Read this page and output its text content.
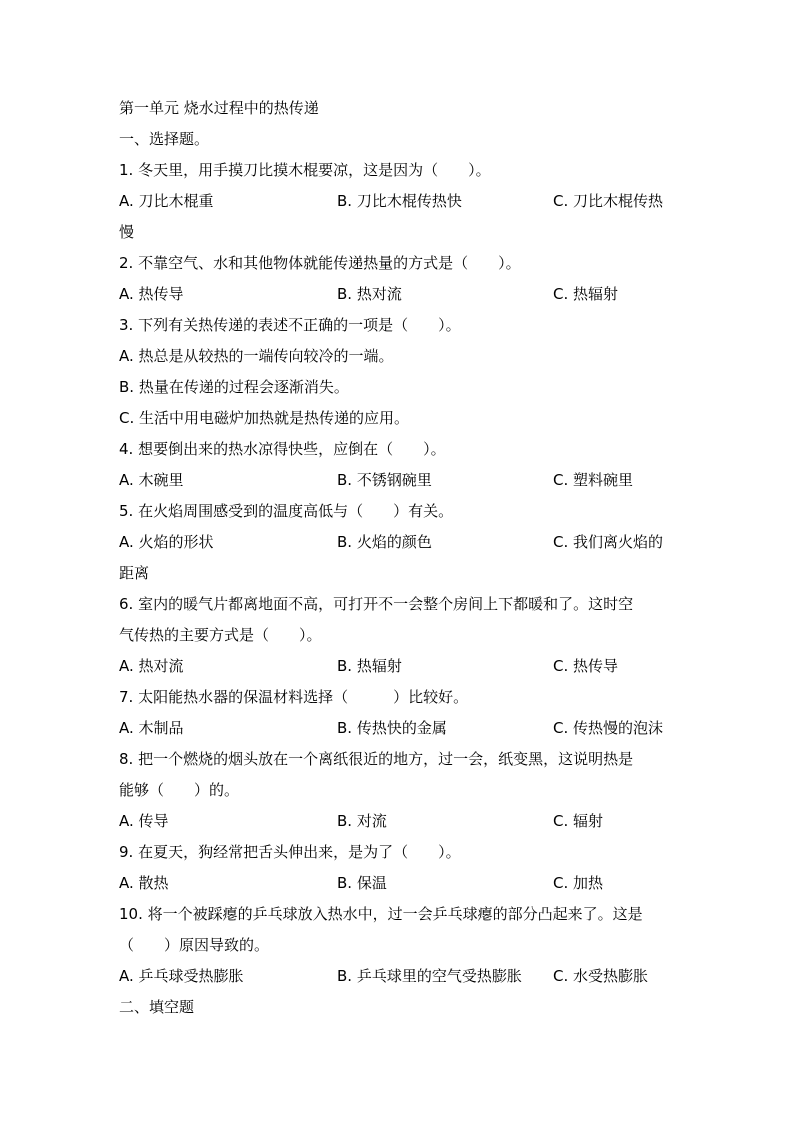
第一单元 烧水过程中的热传递
一、选择题。
1. 冬天里，用手摸刀比摸木棍要凉，这是因为（　　）。
A. 刀比木棍重	B. 刀比木棍传热快	C. 刀比木棍传热
慢
2. 不靠空气、水和其他物体就能传递热量的方式是（　　）。
A. 热传导	B. 热对流	C. 热辐射
3. 下列有关热传递的表述不正确的一项是（　　）。
A. 热总是从较热的一端传向较冷的一端。
B. 热量在传递的过程会逐渐消失。
C. 生活中用电磁炉加热就是热传递的应用。
4. 想要倒出来的热水凉得快些，应倒在（　　）。
A. 木碗里	B. 不锈钢碗里	C. 塑料碗里
5. 在火焰周围感受到的温度高低与（　　）有关。
A. 火焰的形状	B. 火焰的颜色	C. 我们离火焰的
距离
6. 室内的暖气片都离地面不高，可打开不一会整个房间上下都暖和了。这时空
气传热的主要方式是（　　）。
A. 热对流	B. 热辐射	C. 热传导
7. 太阳能热水器的保温材料选择（　　　）比较好。
A. 木制品	B. 传热快的金属	C. 传热慢的泡沫
8. 把一个燃烧的烟头放在一个离纸很近的地方，过一会，纸变黑，这说明热是
能够（　　）的。
A. 传导	B. 对流	C. 辐射
9. 在夏天，狗经常把舌头伸出来，是为了（　　）。
A. 散热	B. 保温	C. 加热
10. 将一个被踩瘪的乒乓球放入热水中，过一会乒乓球瘪的部分凸起来了。这是
（　　）原因导致的。
A. 乒乓球受热膨胀	B. 乒乓球里的空气受热膨胀 C. 水受热膨胀
二、填空题
